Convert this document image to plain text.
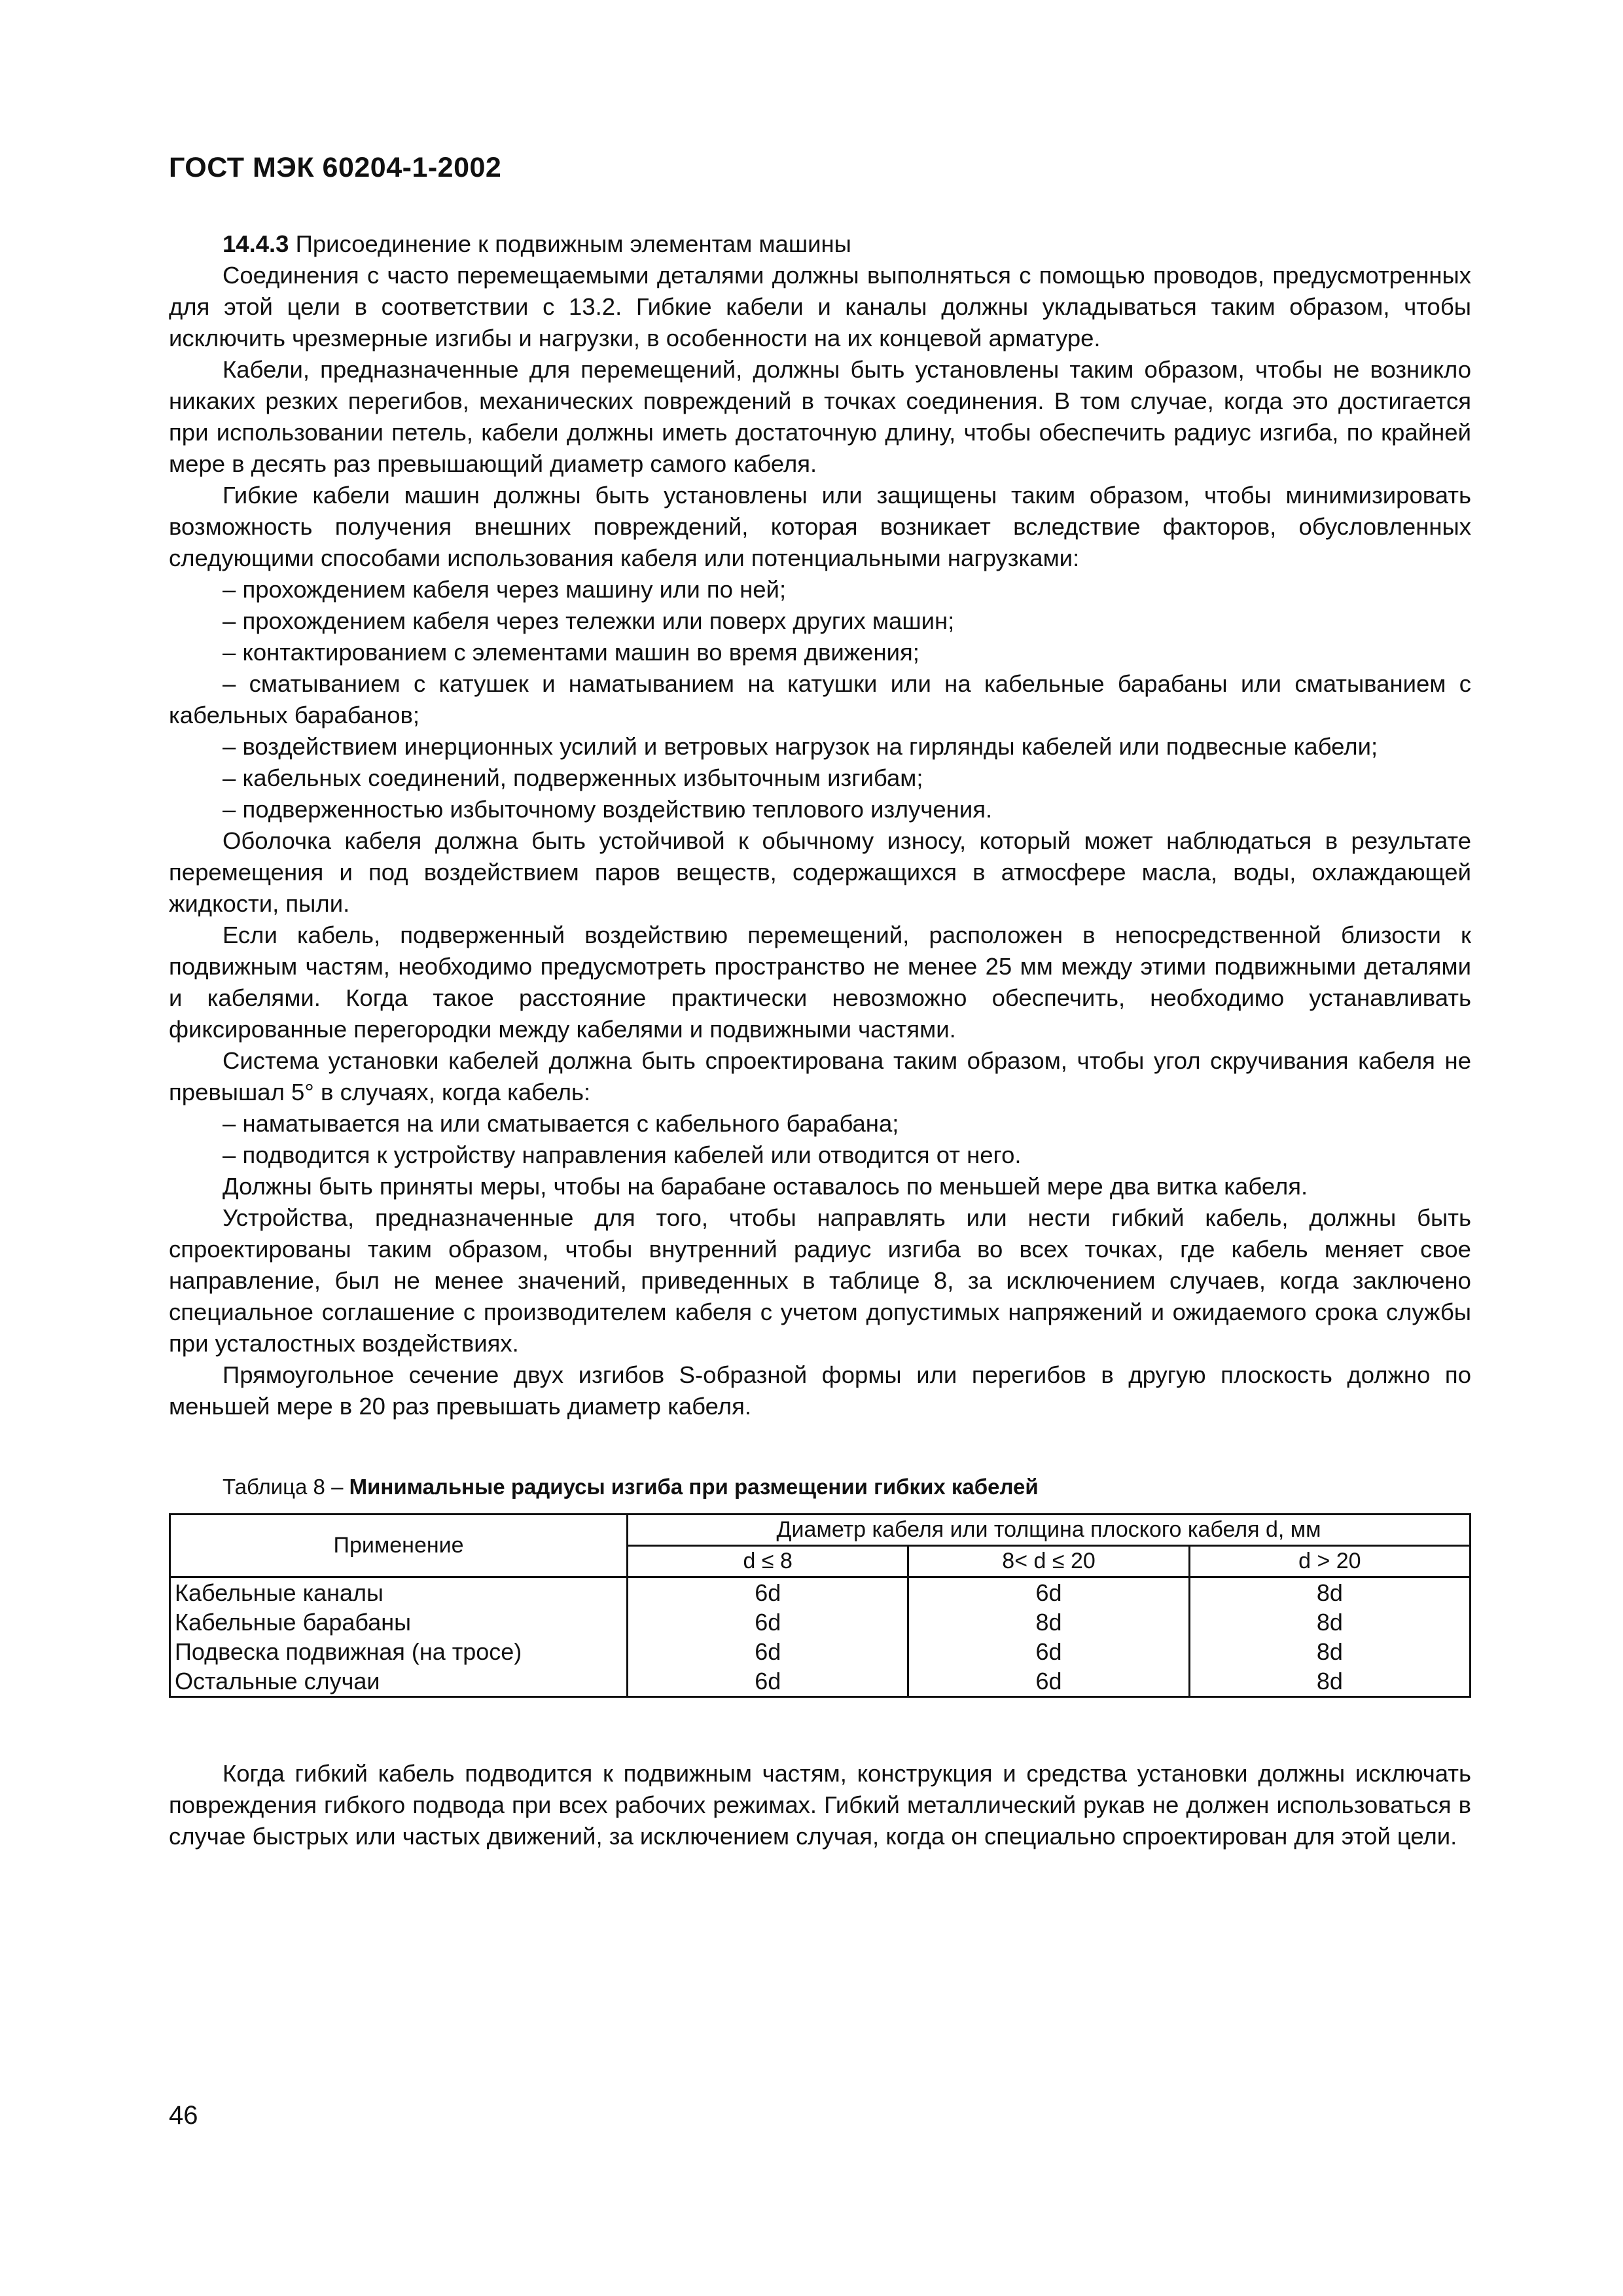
ГОСТ МЭК 60204-1-2002

14.4.3 Присоединение к подвижным элементам машины

Соединения с часто перемещаемыми деталями должны выполняться с помощью проводов, предусмотренных для этой цели в соответствии с 13.2. Гибкие кабели и каналы должны укладываться таким образом, чтобы исключить чрезмерные изгибы и нагрузки, в особенности на их концевой арматуре.

Кабели, предназначенные для перемещений, должны быть установлены таким образом, чтобы не возникло никаких резких перегибов, механических повреждений в точках соединения. В том случае, когда это достигается при использовании петель, кабели должны иметь достаточную длину, чтобы обеспечить радиус изгиба, по крайней мере в десять раз превышающий диаметр самого кабеля.

Гибкие кабели машин должны быть установлены или защищены таким образом, чтобы минимизировать возможность получения внешних повреждений, которая возникает вследствие факторов, обусловленных следующими способами использования кабеля или потенциальными нагрузками:

– прохождением кабеля через машину или по ней;

– прохождением кабеля через тележки или поверх других машин;

– контактированием с элементами машин во время движения;

– сматыванием с катушек и наматыванием на катушки или на кабельные барабаны или сматыванием с кабельных барабанов;

– воздействием инерционных усилий и ветровых нагрузок на гирлянды кабелей или подвесные кабели;

– кабельных соединений, подверженных избыточным изгибам;

– подверженностью избыточному воздействию теплового излучения.

Оболочка кабеля должна быть устойчивой к обычному износу, который может наблюдаться в результате перемещения и под воздействием паров веществ, содержащихся в атмосфере масла, воды, охлаждающей жидкости, пыли.

Если кабель, подверженный воздействию перемещений, расположен в непосредственной близости к подвижным частям, необходимо предусмотреть пространство не менее 25 мм между этими подвижными деталями и кабелями. Когда такое расстояние практически невозможно обеспечить, необходимо устанавливать фиксированные перегородки между кабелями и подвижными частями.

Система установки кабелей должна быть спроектирована таким образом, чтобы угол скручивания кабеля не превышал 5° в случаях, когда кабель:

– наматывается на или сматывается с кабельного барабана;

– подводится к устройству направления кабелей или отводится от него.

Должны быть приняты меры, чтобы на барабане оставалось по меньшей мере два витка кабеля.

Устройства, предназначенные для того, чтобы направлять или нести гибкий кабель, должны быть спроектированы таким образом, чтобы внутренний радиус изгиба во всех точках, где кабель меняет свое направление, был не менее значений, приведенных в таблице 8, за исключением случаев, когда заключено специальное соглашение с производителем кабеля с учетом допустимых напряжений и ожидаемого срока службы при усталостных воздействиях.

Прямоугольное сечение двух изгибов S-образной формы или перегибов в другую плоскость должно по меньшей мере в 20 раз превышать диаметр кабеля.

Таблица 8 – Минимальные радиусы изгиба при размещении гибких кабелей
Применение	Диаметр кабеля или толщина плоского кабеля d, мм		
	d ≤ 8	8< d ≤ 20	d > 20
Кабельные каналы	6d	6d	8d
Кабельные барабаны	6d	8d	8d
Подвеска подвижная (на тросе)	6d	6d	8d
Остальные случаи	6d	6d	8d

Когда гибкий кабель подводится к подвижным частям, конструкция и средства установки должны исключать повреждения гибкого подвода при всех рабочих режимах. Гибкий металлический рукав не должен использоваться в случае быстрых или частых движений, за исключением случая, когда он специально спроектирован для этой цели.

46
